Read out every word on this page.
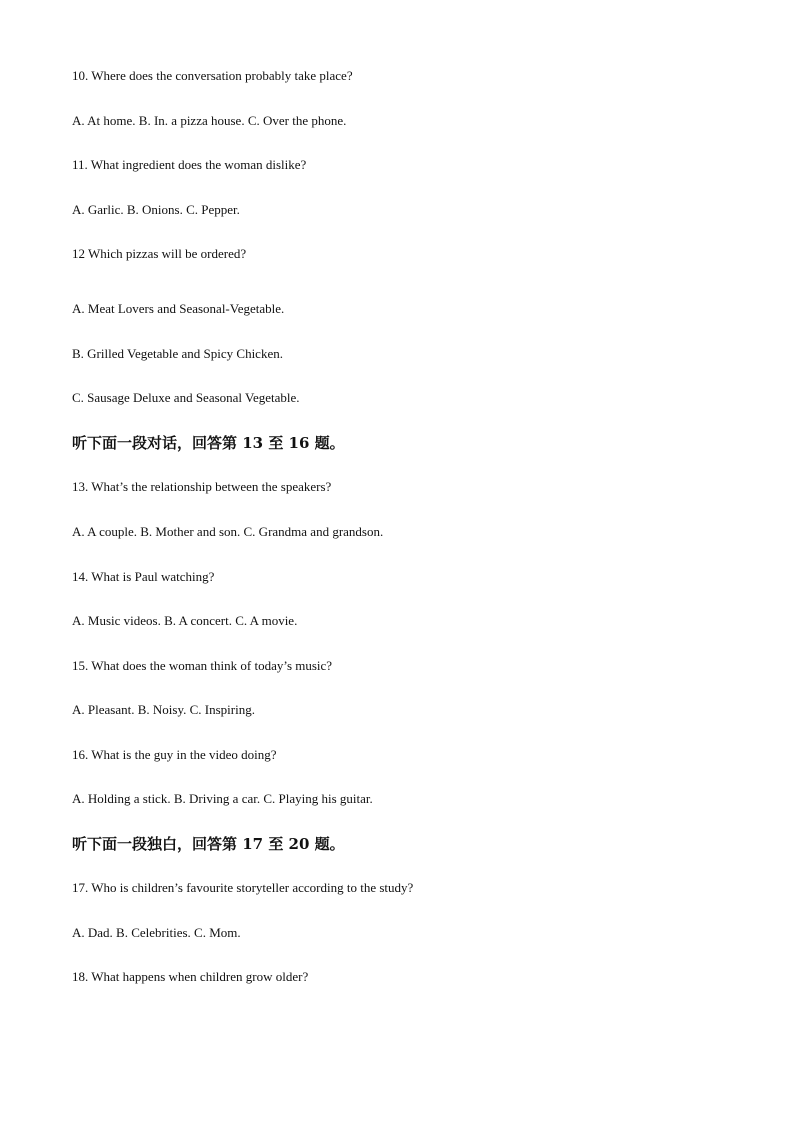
10. Where does the conversation probably take place?
A. At home. B. In. a pizza house. C. Over the phone.
11. What ingredient does the woman dislike?
A. Garlic. B. Onions. C. Pepper.
12 Which pizzas will be ordered?
A. Meat Lovers and Seasonal-Vegetable.
B. Grilled Vegetable and Spicy Chicken.
C. Sausage Deluxe and Seasonal Vegetable.
听下面一段对话，回答第 13 至 16 题。
13. What’s the relationship between the speakers?
A. A couple. B. Mother and son. C. Grandma and grandson.
14. What is Paul watching?
A. Music videos. B. A concert. C. A movie.
15. What does the woman think of today’s music?
A. Pleasant. B. Noisy. C. Inspiring.
16. What is the guy in the video doing?
A. Holding a stick. B. Driving a car. C. Playing his guitar.
听下面一段独白，回答第 17 至 20 题。
17. Who is children’s favourite storyteller according to the study?
A. Dad. B. Celebrities. C. Mom.
18. What happens when children grow older?
